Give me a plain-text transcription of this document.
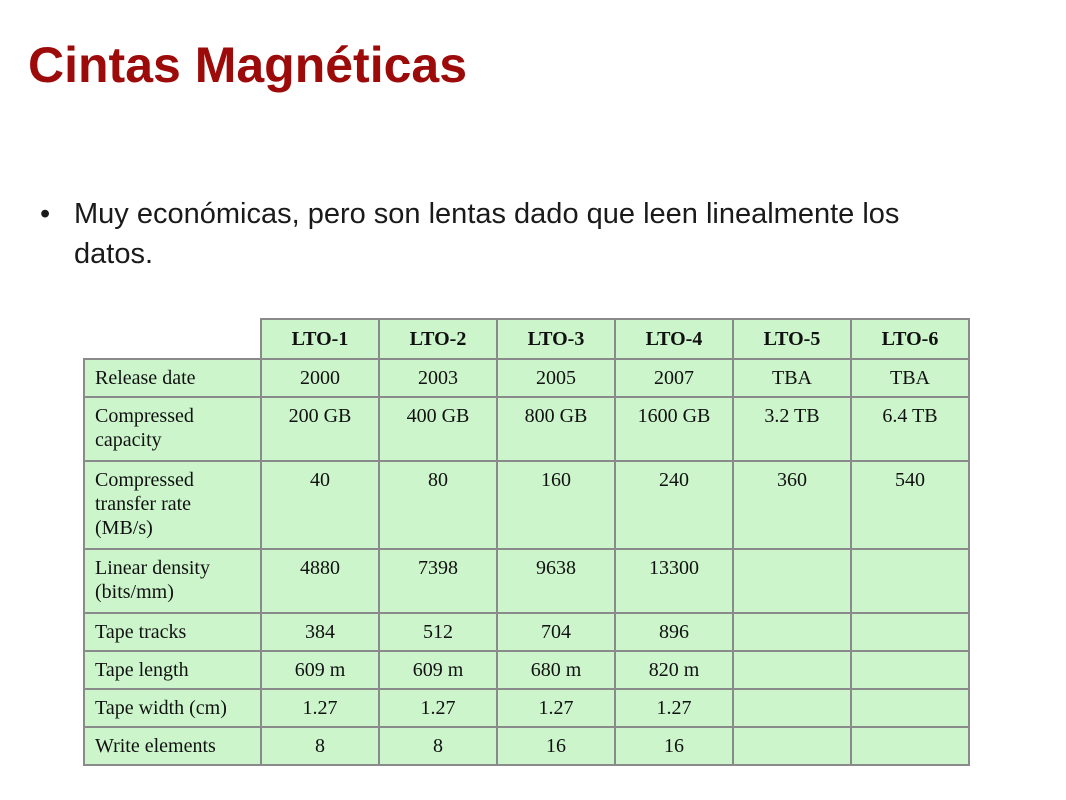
Cintas Magnéticas
• Muy económicas, pero son lentas dado que leen linealmente los datos.
	LTO-1	LTO-2	LTO-3	LTO-4	LTO-5	LTO-6
Release date	2000	2003	2005	2007	TBA	TBA
Compressed capacity	200 GB	400 GB	800 GB	1600 GB	3.2 TB	6.4 TB
Compressed transfer rate (MB/s)	40	80	160	240	360	540
Linear density (bits/mm)	4880	7398	9638	13300		
Tape tracks	384	512	704	896		
Tape length	609 m	609 m	680 m	820 m		
Tape width (cm)	1.27	1.27	1.27	1.27		
Write elements	8	8	16	16		
